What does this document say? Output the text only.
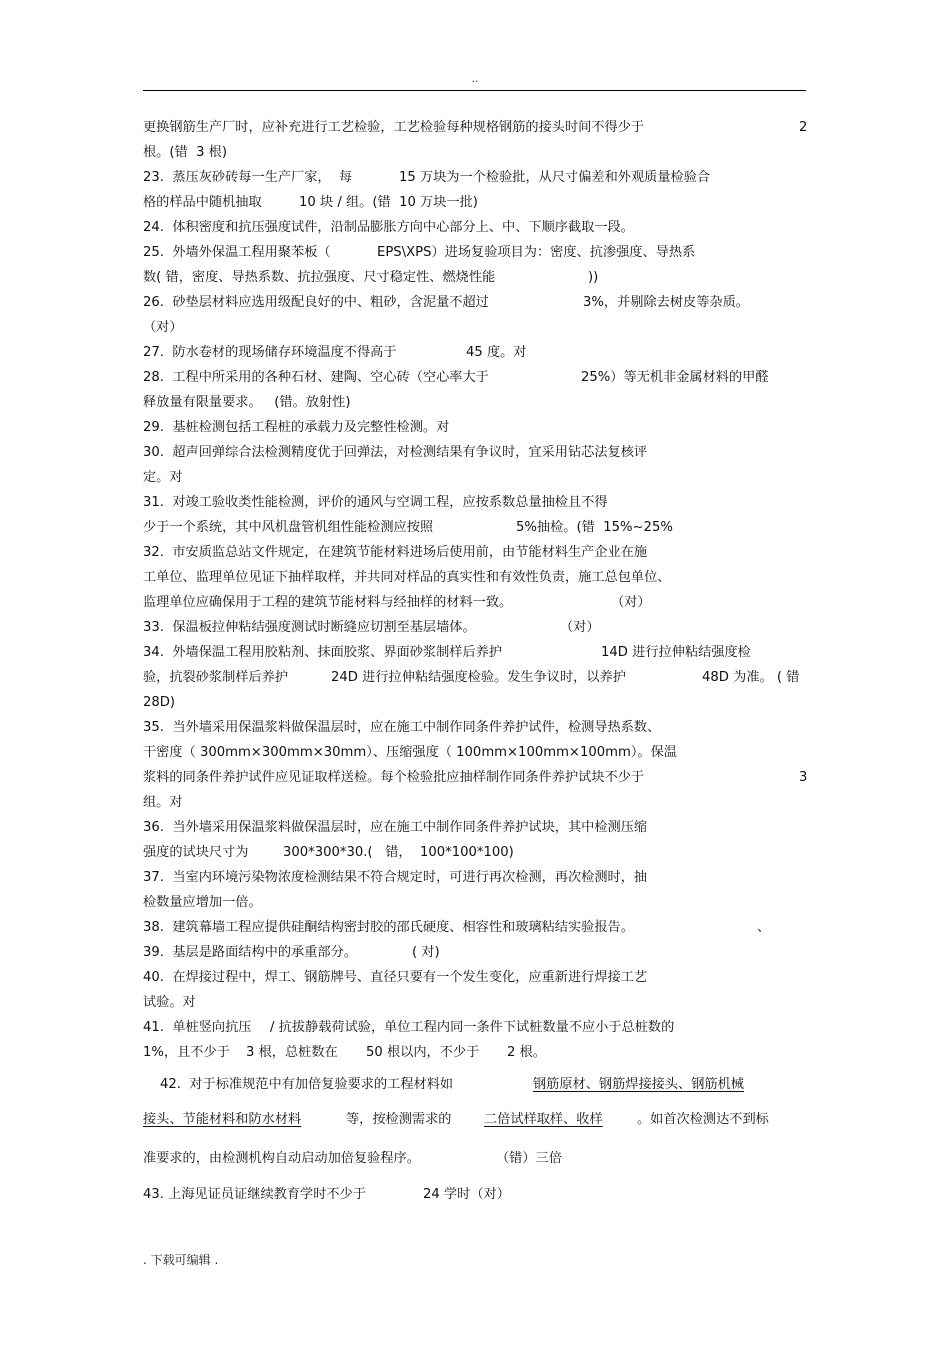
..
更换钢筋生产厂时，应补充进行工艺检验，工艺检验每种规格钢筋的接头时间不得少于	2
根。(错  3 根)
23.  蒸压灰砂砖每一生产厂家，  每	15 万块为一个检验批，从尺寸偏差和外观质量检验合
格的样品中随机抽取	10 块 / 组。(错  10 万块一批)
24.  体积密度和抗压强度试件，沿制品膨胀方向中心部分上、中、下顺序截取一段。
25.  外墙外保温工程用聚苯板（	EPS\XPS）进场复验项目为：密度、抗渗强度、导热系
数( 错，密度、导热系数、抗拉强度、尺寸稳定性、燃烧性能	))
26.  砂垫层材料应选用级配良好的中、粗砂，含泥量不超过	3%，并剔除去树皮等杂质。
（对）
27.  防水卷材的现场储存环境温度不得高于	45 度。对
28.  工程中所采用的各种石材、建陶、空心砖（空心率大于	25%）等无机非金属材料的甲醛
释放量有限量要求。   (错。放射性)
29.  基桩检测包括工程桩的承载力及完整性检测。对
30.  超声回弹综合法检测精度优于回弹法，对检测结果有争议时，宜采用钻芯法复核评
定。对
31.  对竣工验收类性能检测，评价的通风与空调工程，应按系数总量抽检且不得
少于一个系统，其中风机盘管机组性能检测应按照	5%抽检。(错  15%~25%
32.  市安质监总站文件规定，在建筑节能材料进场后使用前，由节能材料生产企业在施
工单位、监理单位见证下抽样取样，并共同对样品的真实性和有效性负责，施工总包单位、
监理单位应确保用于工程的建筑节能材料与经抽样的材料一致。	（对）
33.  保温板拉伸粘结强度测试时断缝应切割至基层墙体。	（对）
34.  外墙保温工程用胶粘剂、抹面胶浆、界面砂浆制样后养护	14D 进行拉伸粘结强度检
验，抗裂砂浆制样后养护	24D 进行拉伸粘结强度检验。发生争议时，以养护	48D 为准。 ( 错
28D)
35.  当外墙采用保温浆料做保温层时，应在施工中制作同条件养护试件，检测导热系数、
干密度（ 300mm×300mm×30mm）、压缩强度（ 100mm×100mm×100mm）。保温
浆料的同条件养护试件应见证取样送检。每个检验批应抽样制作同条件养护试块不少于	3
组。对
36.  当外墙采用保温浆料做保温层时，应在施工中制作同条件养护试块，其中检测压缩
强度的试块尺寸为	300*300*30.(   错，  100*100*100)
37.  当室内环境污染物浓度检测结果不符合规定时，可进行再次检测，再次检测时，抽
检数量应增加一倍。
38.  建筑幕墙工程应提供硅酮结构密封胶的邵氏硬度、相容性和玻璃粘结实验报告。	、
39.  基层是路面结构中的承重部分。	( 对)
40.  在焊接过程中，焊工、钢筋牌号、直径只要有一个发生变化，应重新进行焊接工艺
试验。对
41.  单桩竖向抗压 / 抗拔静载荷试验，单位工程内同一条件下试桩数量不应小于总桩数的
1%，且不少于 3 根，总桩数在 50 根以内，不少于 2 根。
42.  对于标准规范中有加倍复验要求的工程材料如	钢筋原材、钢筋焊接接头、钢筋机械
接头、节能材料和防水材料	等，按检测需求的 二倍试样取样、收样	。如首次检测达不到标
准要求的，由检测机构自动启动加倍复验程序。	（错）三倍
43. 上海见证员证继续教育学时不少于	24 学时（对）
. 下载可编辑 .
